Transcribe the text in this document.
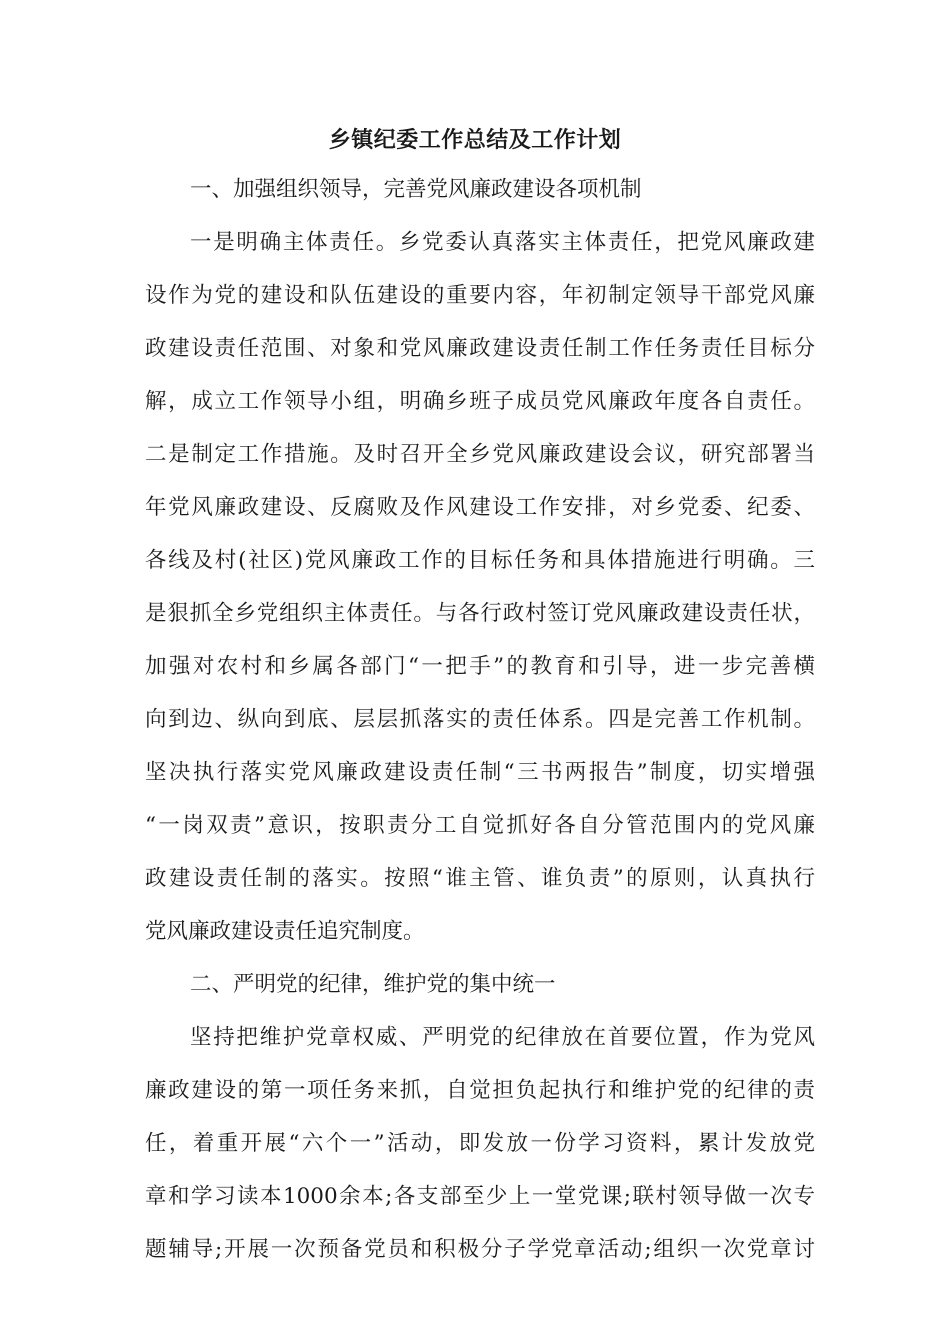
乡镇纪委工作总结及工作计划
一、加强组织领导，完善党风廉政建设各项机制
一是明确主体责任。乡党委认真落实主体责任，把党风廉政建
设作为党的建设和队伍建设的重要内容，年初制定领导干部党风廉
政建设责任范围、对象和党风廉政建设责任制工作任务责任目标分
解，成立工作领导小组，明确乡班子成员党风廉政年度各自责任。
二是制定工作措施。及时召开全乡党风廉政建设会议，研究部署当
年党风廉政建设、反腐败及作风建设工作安排，对乡党委、纪委、
各线及村(社区)党风廉政工作的目标任务和具体措施进行明确。三
是狠抓全乡党组织主体责任。与各行政村签订党风廉政建设责任状，
加强对农村和乡属各部门“一把手”的教育和引导，进一步完善横
向到边、纵向到底、层层抓落实的责任体系。四是完善工作机制。
坚决执行落实党风廉政建设责任制“三书两报告”制度，切实增强
“一岗双责”意识，按职责分工自觉抓好各自分管范围内的党风廉
政建设责任制的落实。按照“谁主管、谁负责”的原则，认真执行
党风廉政建设责任追究制度。
二、严明党的纪律，维护党的集中统一
坚持把维护党章权威、严明党的纪律放在首要位置，作为党风
廉政建设的第一项任务来抓，自觉担负起执行和维护党的纪律的责
任，着重开展“六个一”活动，即发放一份学习资料，累计发放党
章和学习读本1000余本;各支部至少上一堂党课;联村领导做一次专
题辅导;开展一次预备党员和积极分子学党章活动;组织一次党章讨
